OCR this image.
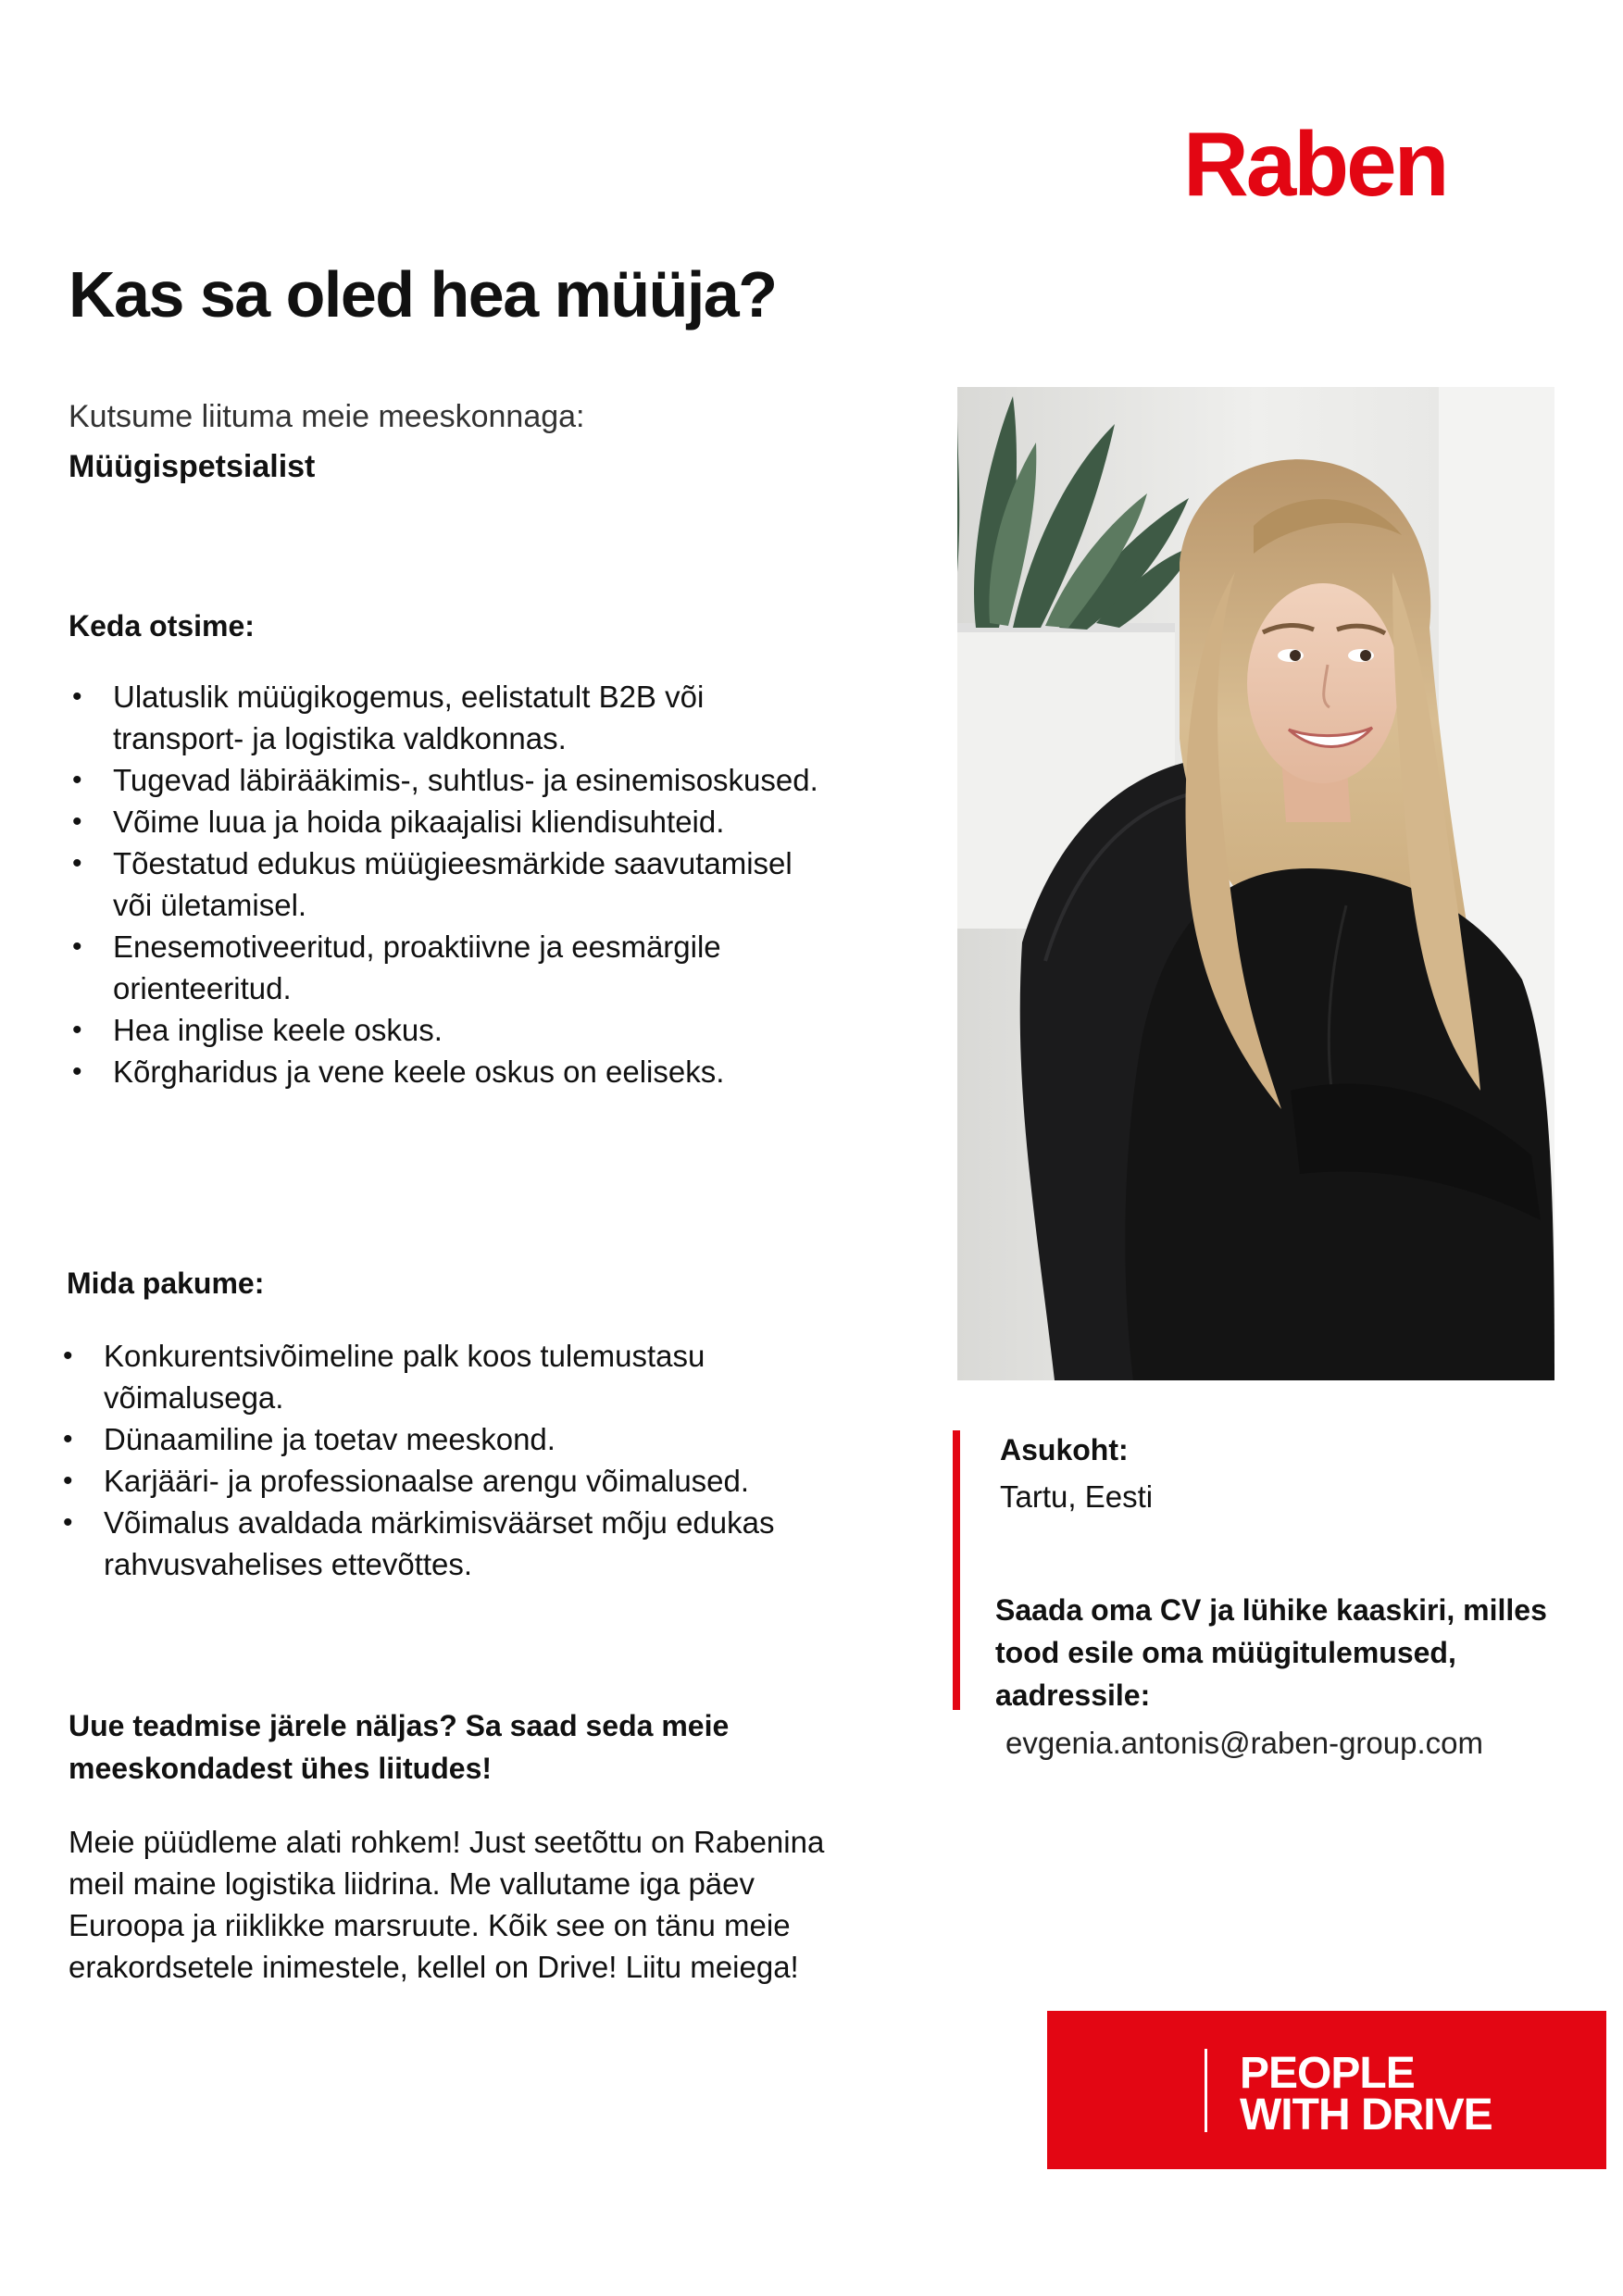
Raben
Kas sa oled hea müüja?
Kutsume liituma meie meeskonnaga:
Müügispetsialist
Keda otsime:
• Ulatuslik müügikogemus, eelistatult B2B või transport- ja logistika valdkonnas.
• Tugevad läbirääkimis-, suhtlus- ja esinemisoskused.
• Võime luua ja hoida pikaajalisi kliendisuhteid.
• Tõestatud edukus müügieesmärkide saavutamisel või ületamisel.
• Enesemotiveeritud, proaktiivne ja eesmärgile orienteeritud.
• Hea inglise keele oskus.
• Kõrgharidus ja vene keele oskus on eeliseks.
Mida pakume:
• Konkurentsivõimeline palk koos tulemustasu võimalusega.
• Dünaamiline ja toetav meeskond.
• Karjääri- ja professionaalse arengu võimalused.
• Võimalus avaldada märkimisväärset mõju edukas rahvusvahelises ettevõttes.
Uue teadmise järele näljas? Sa saad seda meie meeskondadest ühes liitudes!
Meie püüdleme alati rohkem! Just seetõttu on Rabenina meil maine logistika liidrina. Me vallutame iga päev Euroopa ja riiklikke marsruute. Kõik see on tänu meie erakordsetele inimestele, kellel on Drive! Liitu meiega!
Asukoht:
Tartu, Eesti
Saada oma CV ja lühike kaaskiri, milles tood esile oma müügitulemused, aadressile:
evgenia.antonis@raben-group.com
PEOPLE
WITH DRIVE
